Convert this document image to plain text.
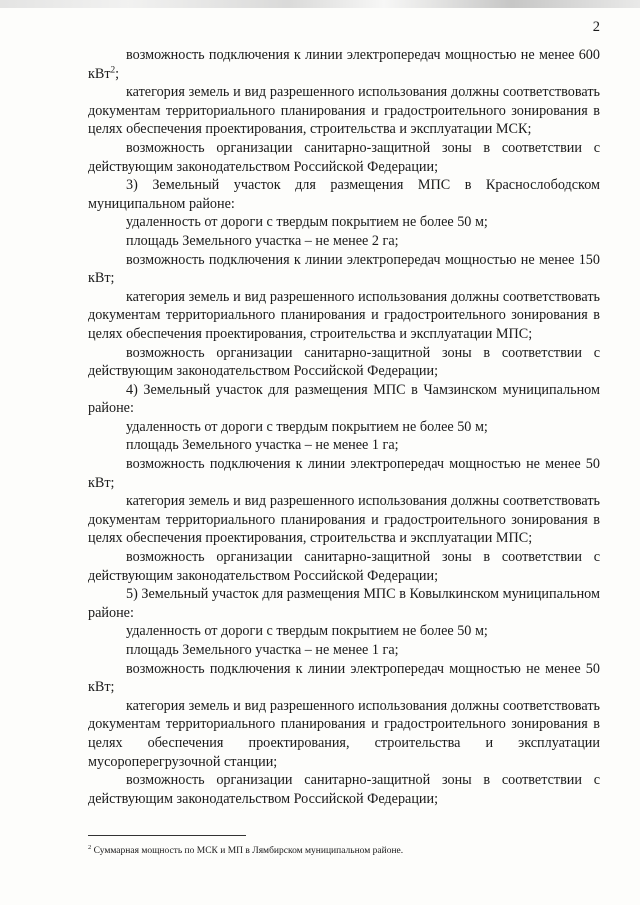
2

возможность подключения к линии электропередач мощностью не менее 600 кВт$^2$;

категория земель и вид разрешенного использования должны соответствовать документам территориального планирования и градостроительного зонирования в целях обеспечения проектирования, строительства и эксплуатации МСК;

возможность организации санитарно-защитной зоны в соответствии с действующим законодательством Российской Федерации;

3) Земельный участок для размещения МПС в Краснослободском муниципальном районе:

удаленность от дороги с твердым покрытием не более 50 м;

площадь Земельного участка – не менее 2 га;

возможность подключения к линии электропередач мощностью не менее 150 кВт;

категория земель и вид разрешенного использования должны соответствовать документам территориального планирования и градостроительного зонирования в целях обеспечения проектирования, строительства и эксплуатации МПС;

возможность организации санитарно-защитной зоны в соответствии с действующим законодательством Российской Федерации;

4) Земельный участок для размещения МПС в Чамзинском муниципальном районе:

удаленность от дороги с твердым покрытием не более 50 м;

площадь Земельного участка – не менее 1 га;

возможность подключения к линии электропередач мощностью не менее 50 кВт;

категория земель и вид разрешенного использования должны соответствовать документам территориального планирования и градостроительного зонирования в целях обеспечения проектирования, строительства и эксплуатации МПС;

возможность организации санитарно-защитной зоны в соответствии с действующим законодательством Российской Федерации;

5) Земельный участок для размещения МПС в Ковылкинском муниципальном районе:

удаленность от дороги с твердым покрытием не более 50 м;

площадь Земельного участка – не менее 1 га;

возможность подключения к линии электропередач мощностью не менее 50 кВт;

категория земель и вид разрешенного использования должны соответствовать документам территориального планирования и градостроительного зонирования в целях обеспечения проектирования, строительства и эксплуатации мусороперегрузочной станции;

возможность организации санитарно-защитной зоны в соответствии с действующим законодательством Российской Федерации;

$^2$ Суммарная мощность по МСК и МП в Лямбирском муниципальном районе.
